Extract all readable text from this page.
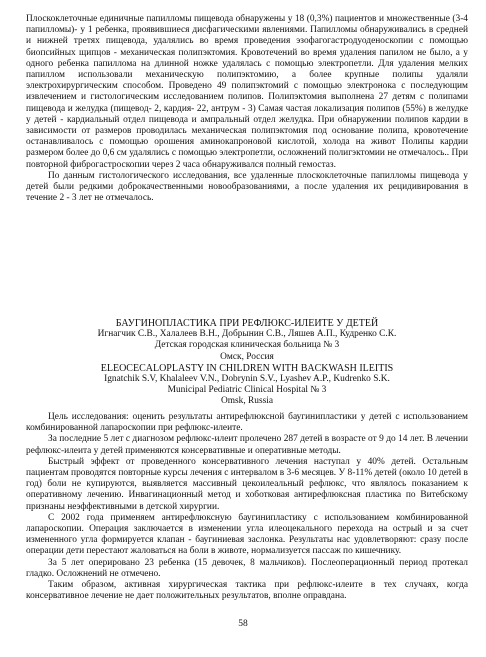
Плоскоклеточные единичные папилломы пищевода обнаружены у 18 (0,3%) пациентов и множественные (3-4 папилломы)- у 1 ребенка, проявившиеся дисфагическими явлениями. Папилломы обнаруживались в средней и нижней третях пищевода, удалялись во время проведения эзофагогастродуоденоскопии с помощью биопсийных щипцов - механическая полипэктомия. Кровотечений во время удаления папилом не было, а у одного ребенка папиллома на длинной ножке удалялась с помощью электропетли. Для удаления мелких папиллом использовали механическую полипэктомию, а более крупные полипы удаляли электрохирургическим способом. Проведено 49 полипэктомий с помощью электронока с последующим извлечением и гистологическим исследованием полипов. Полипэктомия выполнена 27 детям с полипами пищевода и желудка (пищевод- 2, кардия- 22, антрум - 3) Самая частая локализация полипов (55%) в желудке у детей - кардиальный отдел пищевода и ампральный отдел желудка. При обнаружении полипов кардии в зависимости от размеров проводилась механическая полипэктомия под основание полипа, кровотечение останавливалось с помощью орошения аминокапроновой кислотой, холода на живот Полипы кардии размером более до 0,6 см удалялись с помощью электропетли, осложнений полигэктомии не отмечалось.. При повторной фиброгастроскопии через 2 часа обнаруживался полный гемостаз.

По данным гистологического исследования, все удаленные плоскоклеточные папилломы пищевода у детей были редкими доброкачественными новообразованиями, а после удаления их рецидивирования в течение 2 - 3 лет не отмечалось.

БАУГИНОПЛАСТИКА ПРИ РЕФЛЮКС-ИЛЕИТЕ У ДЕТЕЙ

Игнагчик С.В., Халалеев В.Н., Добрынин С.В., Ляшев А.П., Кудренко С.К.

Детская городская клиническая больница № 3

Омск, Россия

ELEOCECALOPLASTY IN CHILDREN WITH BACKWASH ILEITIS

Ignatchik S.V, Khalaleev V.N., Dobrynin S.V., Lyashev A.P., Kudrenko S.K.

Municipal Pediatric Clinical Hospital № 3

Omsk, Russia

Цель исследования: оценить результаты антирефлюксной баугинипластики у детей с использованием комбинированной лапароскопии при рефлюкс-илеите.

За последние 5 лет с диагнозом рефлюкс-илеит пролечено 287 детей в возрасте от 9 до 14 лет. В лечении рефлюкс-илеита у детей применяются консервативные и оперативные методы.

Быстрый эффект от проведенного консервативного лечения наступал у 40% детей. Остальным пациентам проводятся повторные курсы лечения с интервалом в 3-6 месяцев. У 8-11% детей (около 10 детей в год) боли не купируются, выявляется массивный цекоилеальный рефлюкс, что являлось показанием к оперативному лечению. Инвагинационный метод и хоботковая антирефлюксная пластика по Витебскому признаны неэффективными в детской хирургии.

С 2002 года применяем антирефлюксную баугинипластику с использованием комбинированной лапароскопии. Операция заключается в изменении угла илеоцекального перехода на острый и за счет измененного угла формируется клапан - баугиниевая заслонка. Результаты нас удовлетворяют: сразу после операции дети перестают жаловаться на боли в животе, нормализуется пассаж по кишечнику.

За 5 лет оперировано 23 ребенка (15 девочек, 8 мальчиков). Послеоперационный период протекал гладко. Осложнений не отмечено.

Таким образом, активная хирургическая тактика при рефлюкс-илеите в тех случаях, когда консервативное лечение не дает положительных результатов, вполне оправдана.

58
